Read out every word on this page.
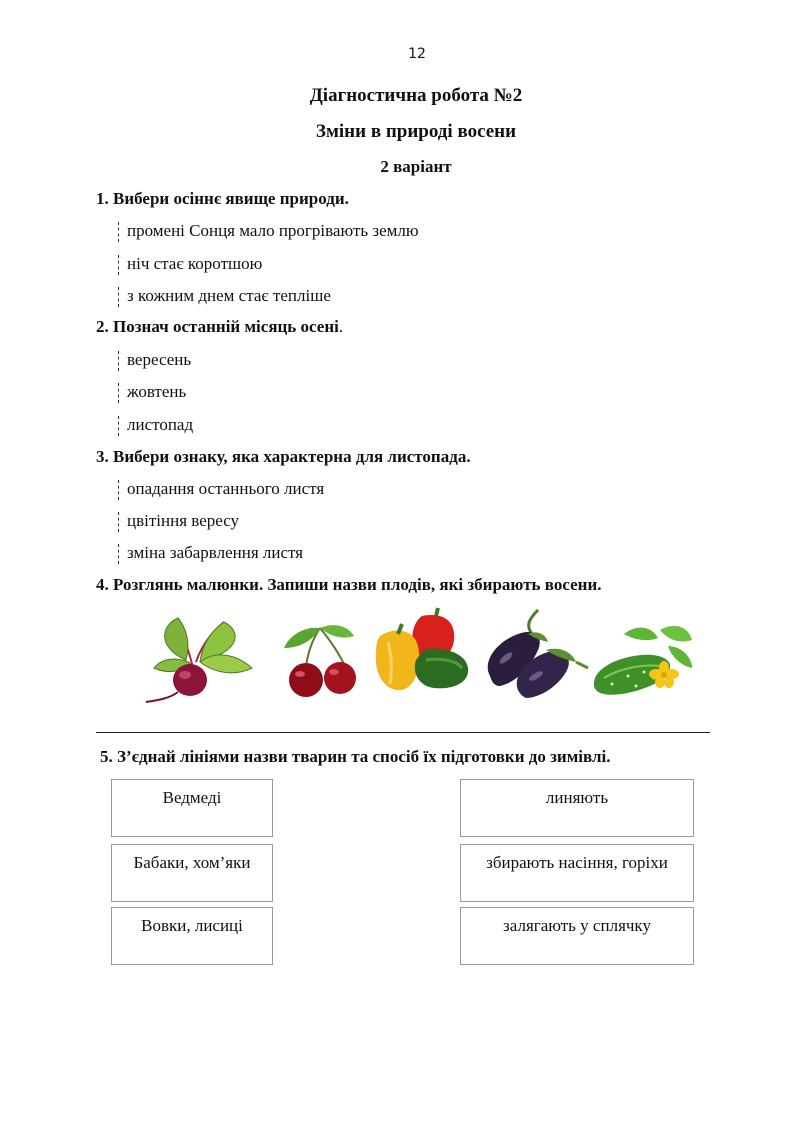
12
Діагностична робота №2
Зміни в природі восени
2 варіант
1. Вибери осіннє явище природи.
промені Сонця мало прогрівають землю
ніч стає коротшою
з кожним днем стає тепліше
2. Познач останній місяць осені.
вересень
жовтень
листопад
3. Вибери ознаку, яка характерна для листопада.
опадання останнього листя
цвітіння вересу
зміна забарвлення листя
4. Розглянь малюнки. Запиши назви плодів, які збирають восени.
5. З’єднай лініями назви тварин та спосіб їх підготовки до зимівлі.
Ведмеді
Бабаки, хом’яки
Вовки, лисиці
линяють
збирають насіння, горіхи
залягають у сплячку
